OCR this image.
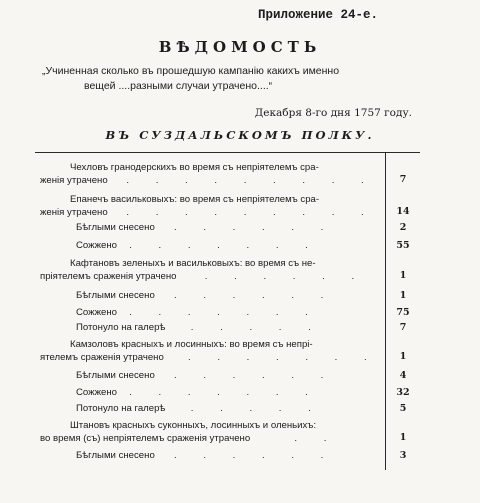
Приложение 24-е.
ВѢДОМОСТЬ
„Учиненная сколько въ прошедшую кампанію какихъ именно
вещей ....разными случаи утрачено....“
Декабря 8-го дня 1757 году.
ВЪ СУЗДАЛЬСКОМЪ ПОЛКУ.
Чехловъ гранодерскихъ во время съ непріятелемъ сра-
женія утрачено . . . . . . . . .	7
Епанечъ васильковыхъ: во время съ непріятелемъ сра-
женія утрачено . . . . . . . . .	14
Бѣглыми снесено . . . . . .	2
Сожжено . . . . . . .	55
Кафтановъ зеленыхъ и васильковыхъ: во время съ не-
пріятелемъ сраженія утрачено	. . . . . .	1
Бѣглыми снесено . . . . . .	1
Сожжено . . . . . . .	75
Потонуло на галерѣ	. . . . .	7
Камзоловъ красныхъ и лосинныхъ: во время съ непрі-
ятелемъ сраженія утрачено	. . . . . . .	1
Бѣглыми снесено . . . . . .	4
Сожжено . . . . . . .	32
Потонуло на галерѣ	. . . . .	5
Штановъ красныхъ суконныхъ, лосинныхъ и оленьихъ:
во время (съ) непріятелемъ сраженія утрачено	. .	1
Бѣглыми снесено . . . . . .	3
